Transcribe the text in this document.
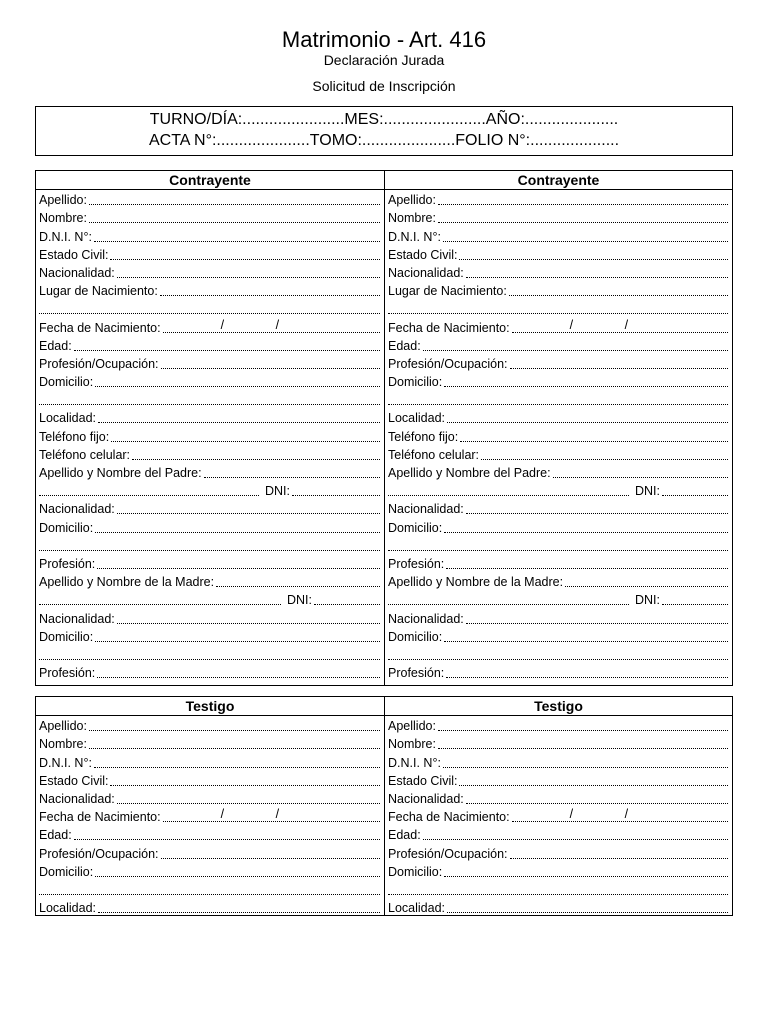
Matrimonio - Art. 416
Declaración Jurada
Solicitud de Inscripción
TURNO/DÍA:.......................MES:.......................AÑO:.....................
ACTA N°:.....................TOMO:.....................FOLIO N°:....................
Contrayente
Apellido:
Nombre:
D.N.I. N°:
Estado Civil:
Nacionalidad:
Lugar de Nacimiento:
Fecha de Nacimiento:	/	/
Edad:
Profesión/Ocupación:
Domicilio:
Localidad:
Teléfono fijo:
Teléfono celular:
Apellido y Nombre del Padre:
DNI:
Nacionalidad:
Domicilio:
Profesión:
Apellido y Nombre de la Madre:
DNI:
Nacionalidad:
Domicilio:
Profesión:
Contrayente
Apellido:
Nombre:
D.N.I. N°:
Estado Civil:
Nacionalidad:
Lugar de Nacimiento:
Fecha de Nacimiento:	/	/
Edad:
Profesión/Ocupación:
Domicilio:
Localidad:
Teléfono fijo:
Teléfono celular:
Apellido y Nombre del Padre:
DNI:
Nacionalidad:
Domicilio:
Profesión:
Apellido y Nombre de la Madre:
DNI:
Nacionalidad:
Domicilio:
Profesión:
Testigo
Apellido:
Nombre:
D.N.I. N°:
Estado Civil:
Nacionalidad:
Fecha de Nacimiento:	/	/
Edad:
Profesión/Ocupación:
Domicilio:
Localidad:
Testigo
Apellido:
Nombre:
D.N.I. N°:
Estado Civil:
Nacionalidad:
Fecha de Nacimiento:	/	/
Edad:
Profesión/Ocupación:
Domicilio:
Localidad:
